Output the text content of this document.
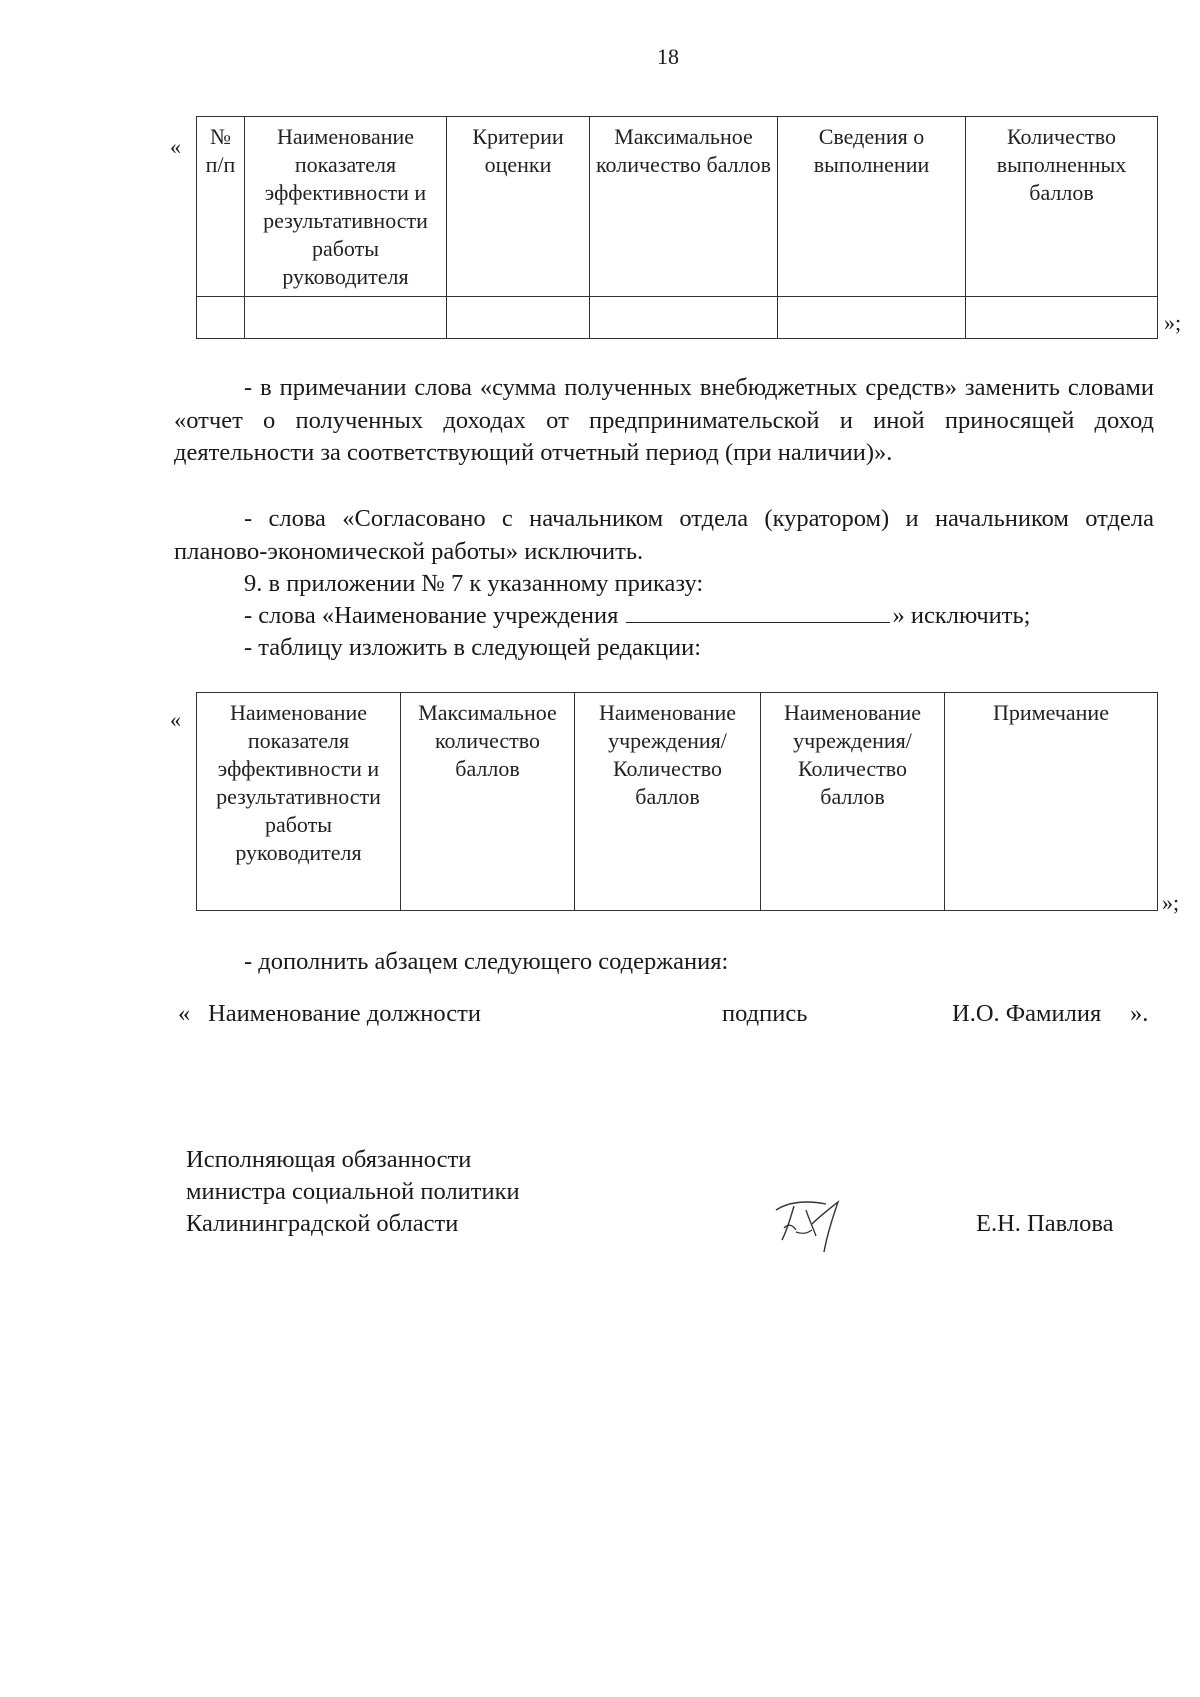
18
« № п/п	Наименование показателя эффективности и результативности работы руководителя	Критерии оценки	Максимальное количество баллов	Сведения о выполнении	Количество выполненных баллов

»;
- в примечании слова «сумма полученных внебюджетных средств» заменить словами «отчет о полученных доходах от предпринимательской и иной приносящей доход деятельности за соответствующий отчетный период (при наличии)».
- слова «Согласовано с начальником отдела (куратором) и начальником отдела планово-экономической работы» исключить.
9. в приложении № 7 к указанному приказу:
- слова «Наименование учреждения	» исключить;
- таблицу изложить в следующей редакции:
« Наименование показателя эффективности и результативности работы руководителя	Максимальное количество баллов	Наименование учреждения/ Количество баллов	Наименование учреждения/ Количество баллов	Примечание
»;
- дополнить абзацем следующего содержания:
« Наименование должности	подпись	И.О. Фамилия ».
Исполняющая обязанности
министра социальной политики
Калининградской области	Е.Н. Павлова
